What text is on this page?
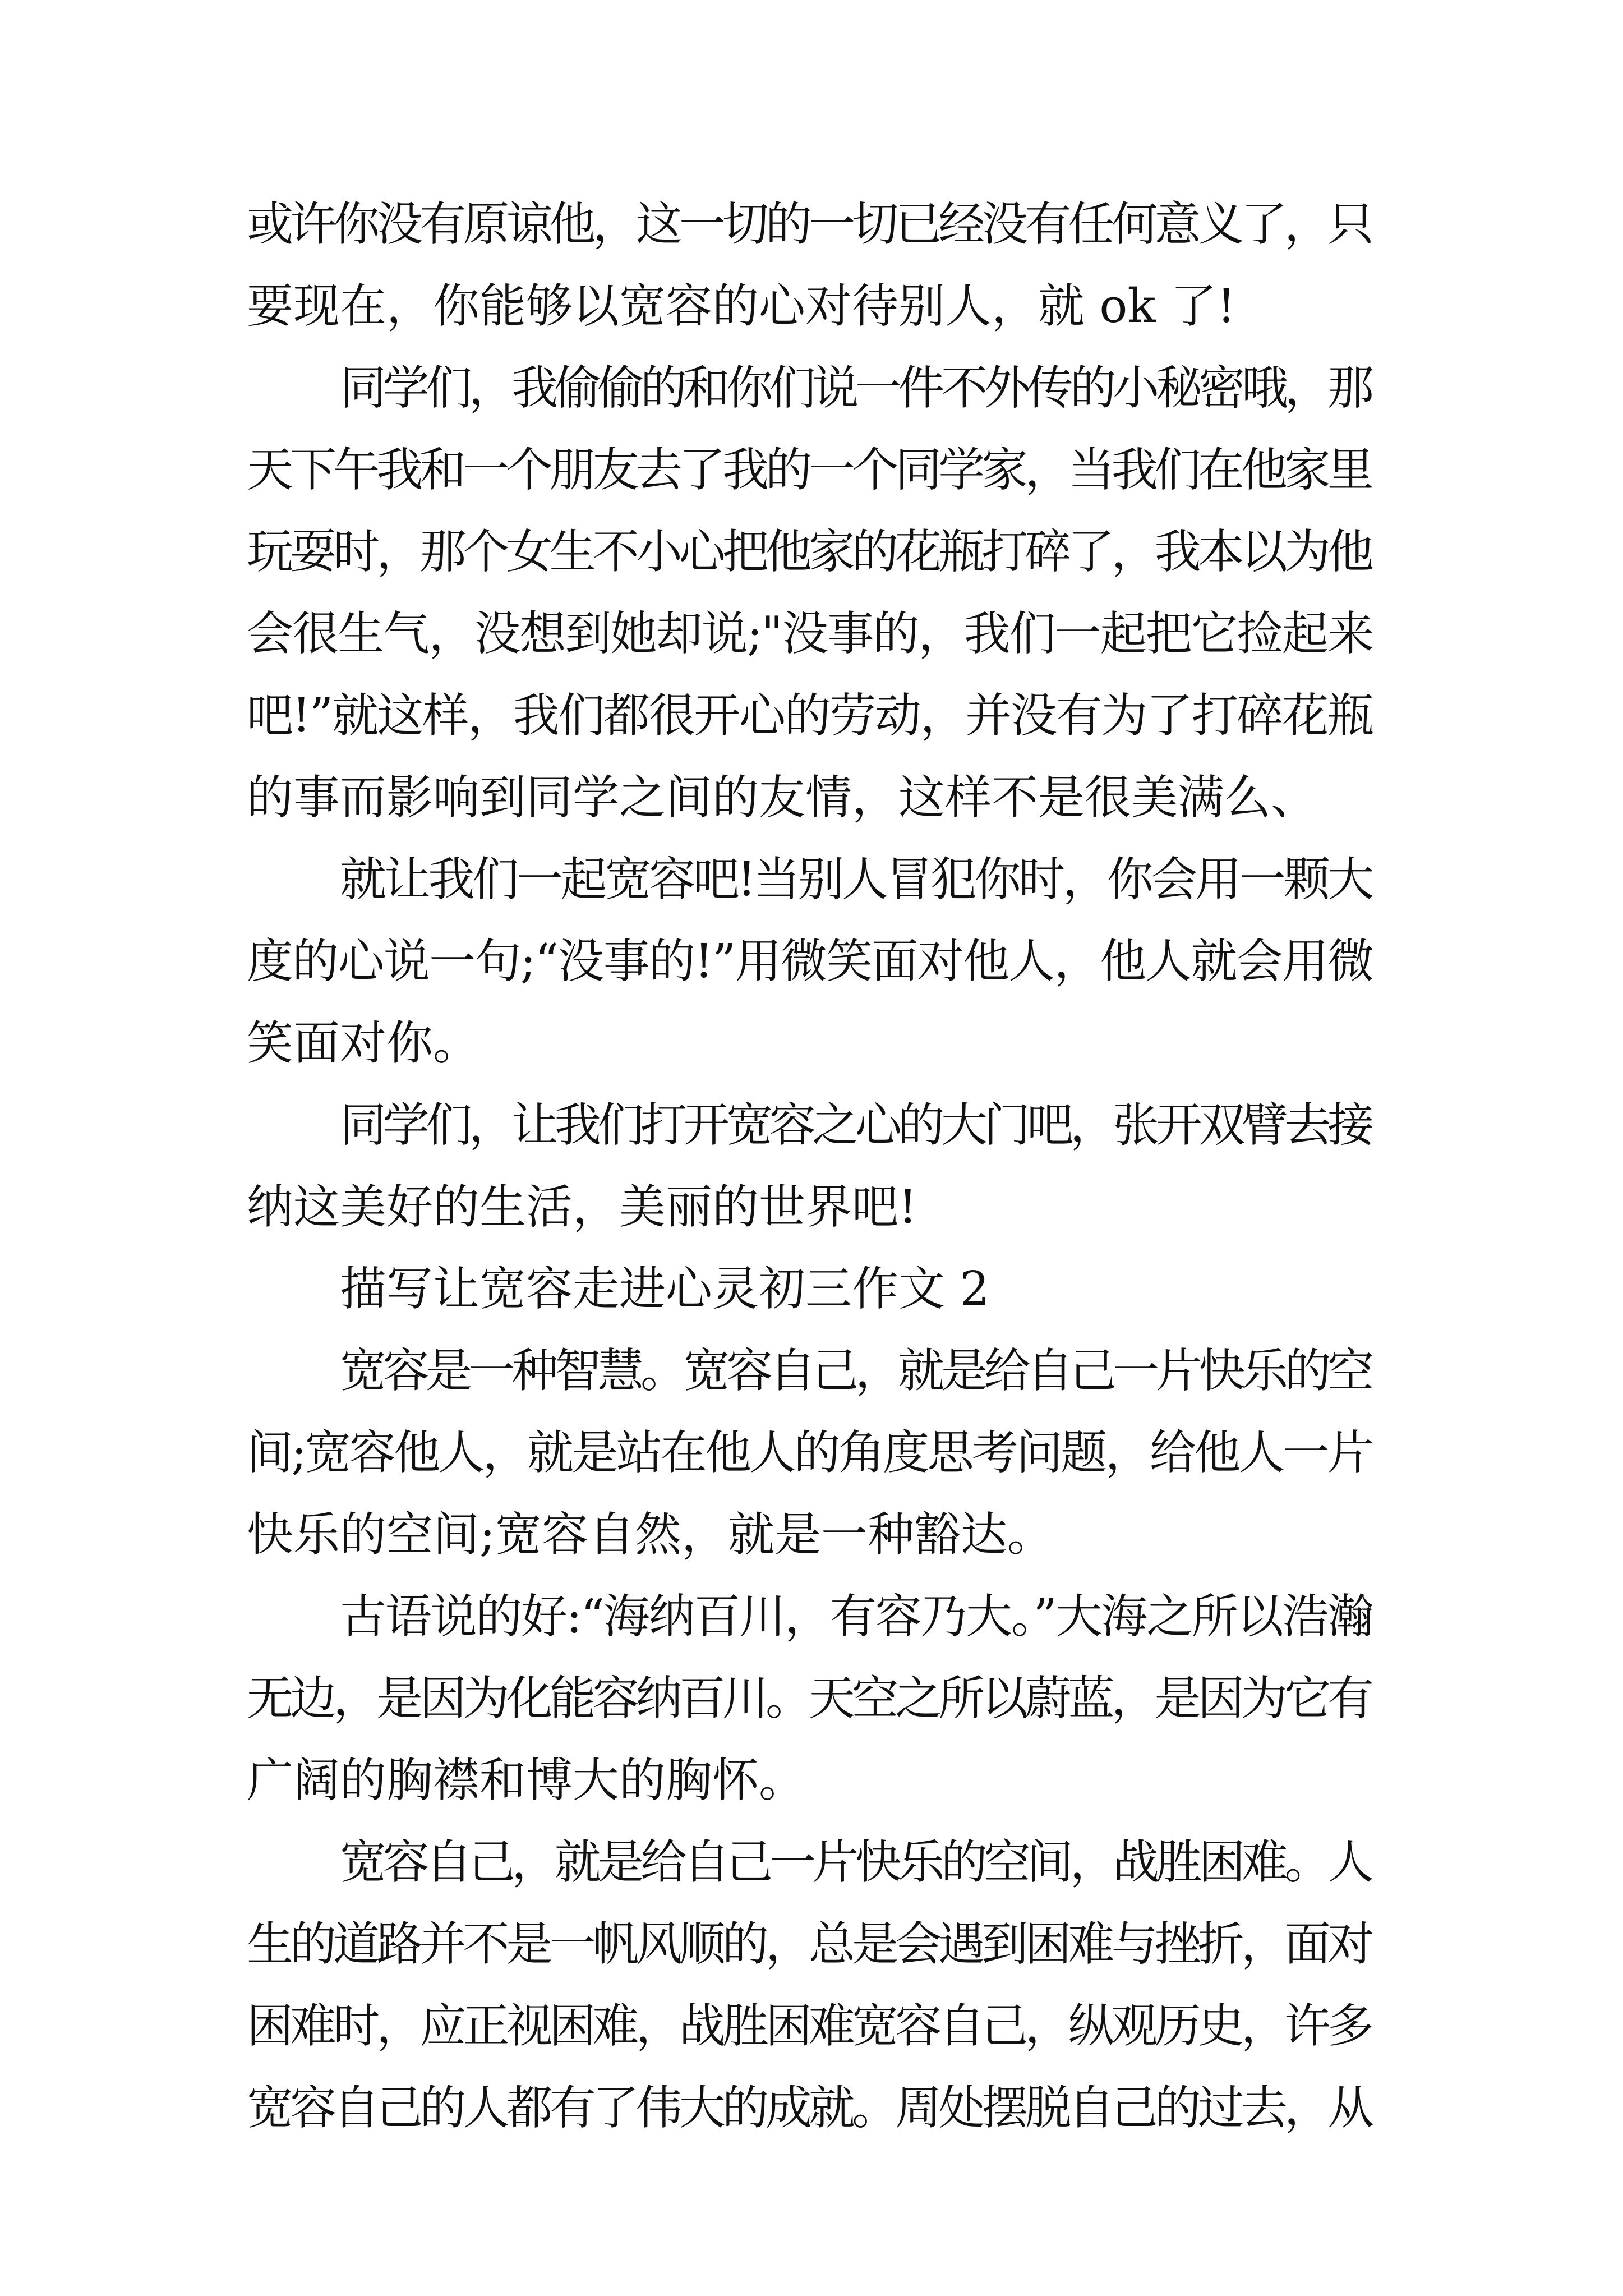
或许你没有原谅他，这一切的一切已经没有任何意义了，只
要现在，你能够以宽容的心对待别人，就 ok 了!
同学们，我偷偷的和你们说一件不外传的小秘密哦，那
天下午我和一个朋友去了我的一个同学家，当我们在他家里
玩耍时，那个女生不小心把他家的花瓶打碎了，我本以为他
会很生气，没想到她却说;"没事的，我们一起把它捡起来
吧!”就这样，我们都很开心的劳动，并没有为了打碎花瓶
的事而影响到同学之间的友情，这样不是很美满么、
就让我们一起宽容吧!当别人冒犯你时，你会用一颗大
度的心说一句;“没事的!”用微笑面对他人，他人就会用微
笑面对你。
同学们，让我们打开宽容之心的大门吧，张开双臂去接
纳这美好的生活，美丽的世界吧!
描写让宽容走进心灵初三作文 2
宽容是一种智慧。宽容自己，就是给自己一片快乐的空
间;宽容他人，就是站在他人的角度思考问题，给他人一片
快乐的空间;宽容自然，就是一种豁达。
古语说的好:“海纳百川，有容乃大。”大海之所以浩瀚
无边，是因为化能容纳百川。天空之所以蔚蓝，是因为它有
广阔的胸襟和博大的胸怀。
宽容自己，就是给自己一片快乐的空间，战胜困难。人
生的道路并不是一帆风顺的，总是会遇到困难与挫折，面对
困难时，应正视困难，战胜困难宽容自己，纵观历史，许多
宽容自己的人都有了伟大的成就。周处摆脱自己的过去，从
